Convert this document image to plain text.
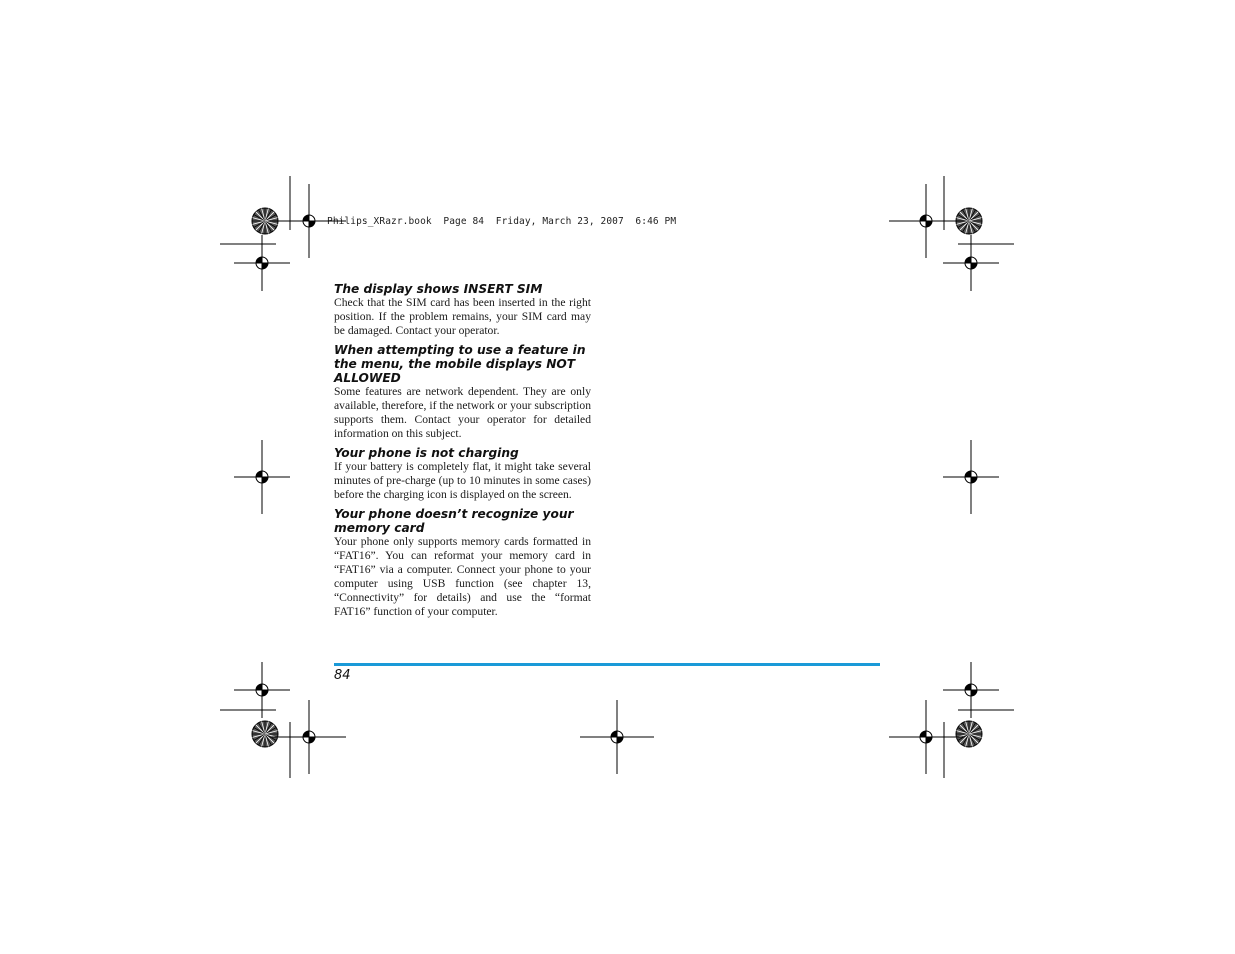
Philips_XRazr.book  Page 84  Friday, March 23, 2007  6:46 PM

The display shows INSERT SIM

Check that the SIM card has been inserted in the right position. If the problem remains, your SIM card may be damaged. Contact your operator.

When attempting to use a feature in the menu, the mobile displays NOT ALLOWED

Some features are network dependent. They are only available, therefore, if the network or your subscription supports them. Contact your operator for detailed information on this subject.

Your phone is not charging

If your battery is completely flat, it might take several minutes of pre-charge (up to 10 minutes in some cases) before the charging icon is displayed on the screen.

Your phone doesn’t recognize your memory card

Your phone only supports memory cards formatted in “FAT16”. You can reformat your memory card in “FAT16” via a computer. Connect your phone to your computer using USB function (see chapter 13, “Connectivity” for details) and use the “format FAT16” function of your computer.

84
